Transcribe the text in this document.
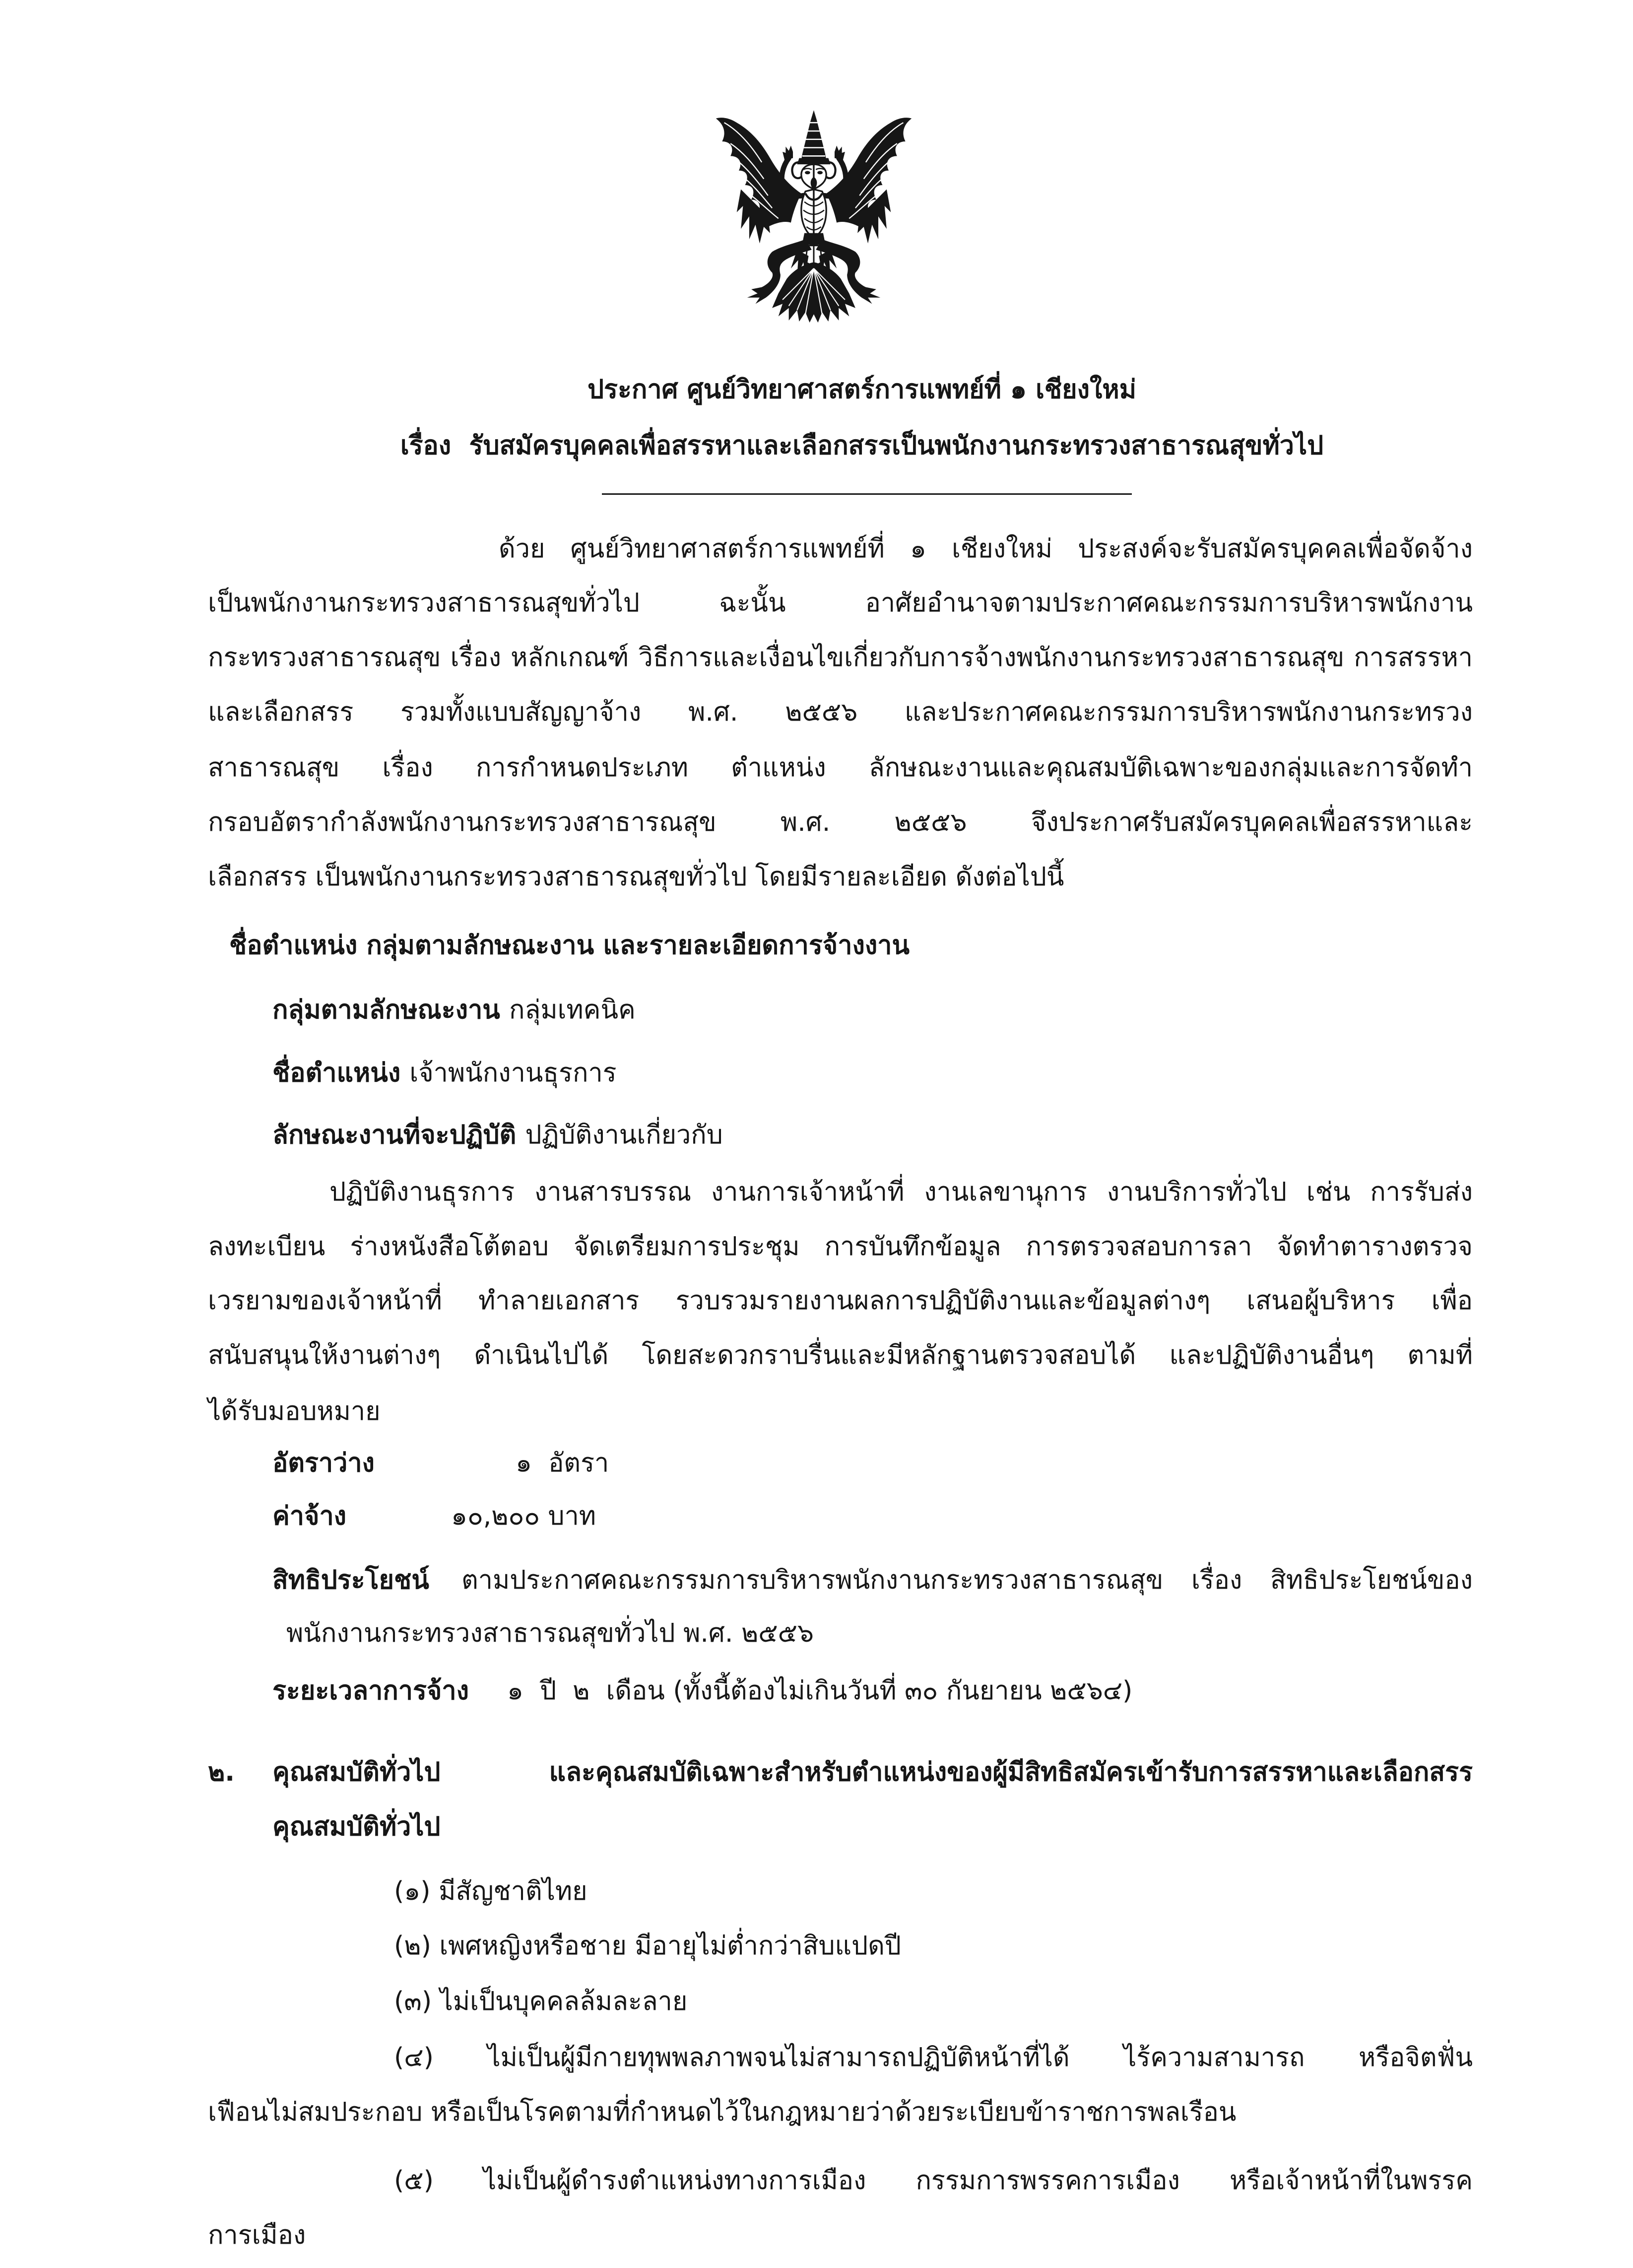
ประกาศ ศูนย์วิทยาศาสตร์การแพทย์ที่ ๑ เชียงใหม่
เรื่อง รับสมัครบุคคลเพื่อสรรหาและเลือกสรรเป็นพนักงานกระทรวงสาธารณสุขทั่วไป
ด้วย ศูนย์วิทยาศาสตร์การแพทย์ที่ ๑ เชียงใหม่ ประสงค์จะรับสมัครบุคคลเพื่อจัดจ้าง
เป็นพนักงานกระทรวงสาธารณสุขทั่วไป ฉะนั้น อาศัยอำนาจตามประกาศคณะกรรมการบริหารพนักงาน
กระทรวงสาธารณสุข เรื่อง หลักเกณฑ์ วิธีการและเงื่อนไขเกี่ยวกับการจ้างพนักงานกระทรวงสาธารณสุข การสรรหา
และเลือกสรร รวมทั้งแบบสัญญาจ้าง พ.ศ. ๒๕๕๖ และประกาศคณะกรรมการบริหารพนักงานกระทรวง
สาธารณสุข เรื่อง การกำหนดประเภท ตำแหน่ง ลักษณะงานและคุณสมบัติเฉพาะของกลุ่มและการจัดทำ
กรอบอัตรากำลังพนักงานกระทรวงสาธารณสุข พ.ศ. ๒๕๕๖ จึงประกาศรับสมัครบุคคลเพื่อสรรหาและ
เลือกสรร เป็นพนักงานกระทรวงสาธารณสุขทั่วไป โดยมีรายละเอียด ดังต่อไปนี้
ชื่อตำแหน่ง กลุ่มตามลักษณะงาน และรายละเอียดการจ้างงาน
กลุ่มตามลักษณะงาน กลุ่มเทคนิค
ชื่อตำแหน่ง เจ้าพนักงานธุรการ
ลักษณะงานที่จะปฏิบัติ ปฏิบัติงานเกี่ยวกับ
ปฏิบัติงานธุรการ งานสารบรรณ งานการเจ้าหน้าที่ งานเลขานุการ งานบริการทั่วไป เช่น การรับส่ง
ลงทะเบียน ร่างหนังสือโต้ตอบ จัดเตรียมการประชุม การบันทึกข้อมูล การตรวจสอบการลา จัดทำตารางตรวจ
เวรยามของเจ้าหน้าที่ ทำลายเอกสาร รวบรวมรายงานผลการปฏิบัติงานและข้อมูลต่างๆ เสนอผู้บริหาร เพื่อ
สนับสนุนให้งานต่างๆ ดำเนินไปได้ โดยสะดวกราบรื่นและมีหลักฐานตรวจสอบได้ และปฏิบัติงานอื่นๆ ตามที่
ได้รับมอบหมาย
อัตราว่าง	๑  อัตรา
ค่าจ้าง	๑๐,๒๐๐ บาท
สิทธิประโยชน์	ตามประกาศคณะกรรมการบริหารพนักงานกระทรวงสาธารณสุข เรื่อง สิทธิประโยชน์ของ
พนักงานกระทรวงสาธารณสุขทั่วไป พ.ศ. ๒๕๕๖
ระยะเวลาการจ้าง	๑  ปี  ๒  เดือน (ทั้งนี้ต้องไม่เกินวันที่ ๓๐ กันยายน ๒๕๖๔)
๒.	คุณสมบัติทั่วไป และคุณสมบัติเฉพาะสำหรับตำแหน่งของผู้มีสิทธิสมัครเข้ารับการสรรหาและเลือกสรร
คุณสมบัติทั่วไป
(๑) มีสัญชาติไทย
(๒) เพศหญิงหรือชาย มีอายุไม่ต่ำกว่าสิบแปดปี
(๓) ไม่เป็นบุคคลล้มละลาย
(๔) ไม่เป็นผู้มีกายทุพพลภาพจนไม่สามารถปฏิบัติหน้าที่ได้ ไร้ความสามารถ หรือจิตฟั่น
เฟือนไม่สมประกอบ หรือเป็นโรคตามที่กำหนดไว้ในกฎหมายว่าด้วยระเบียบข้าราชการพลเรือน
(๕) ไม่เป็นผู้ดำรงตำแหน่งทางการเมือง กรรมการพรรคการเมือง หรือเจ้าหน้าที่ในพรรค
การเมือง
